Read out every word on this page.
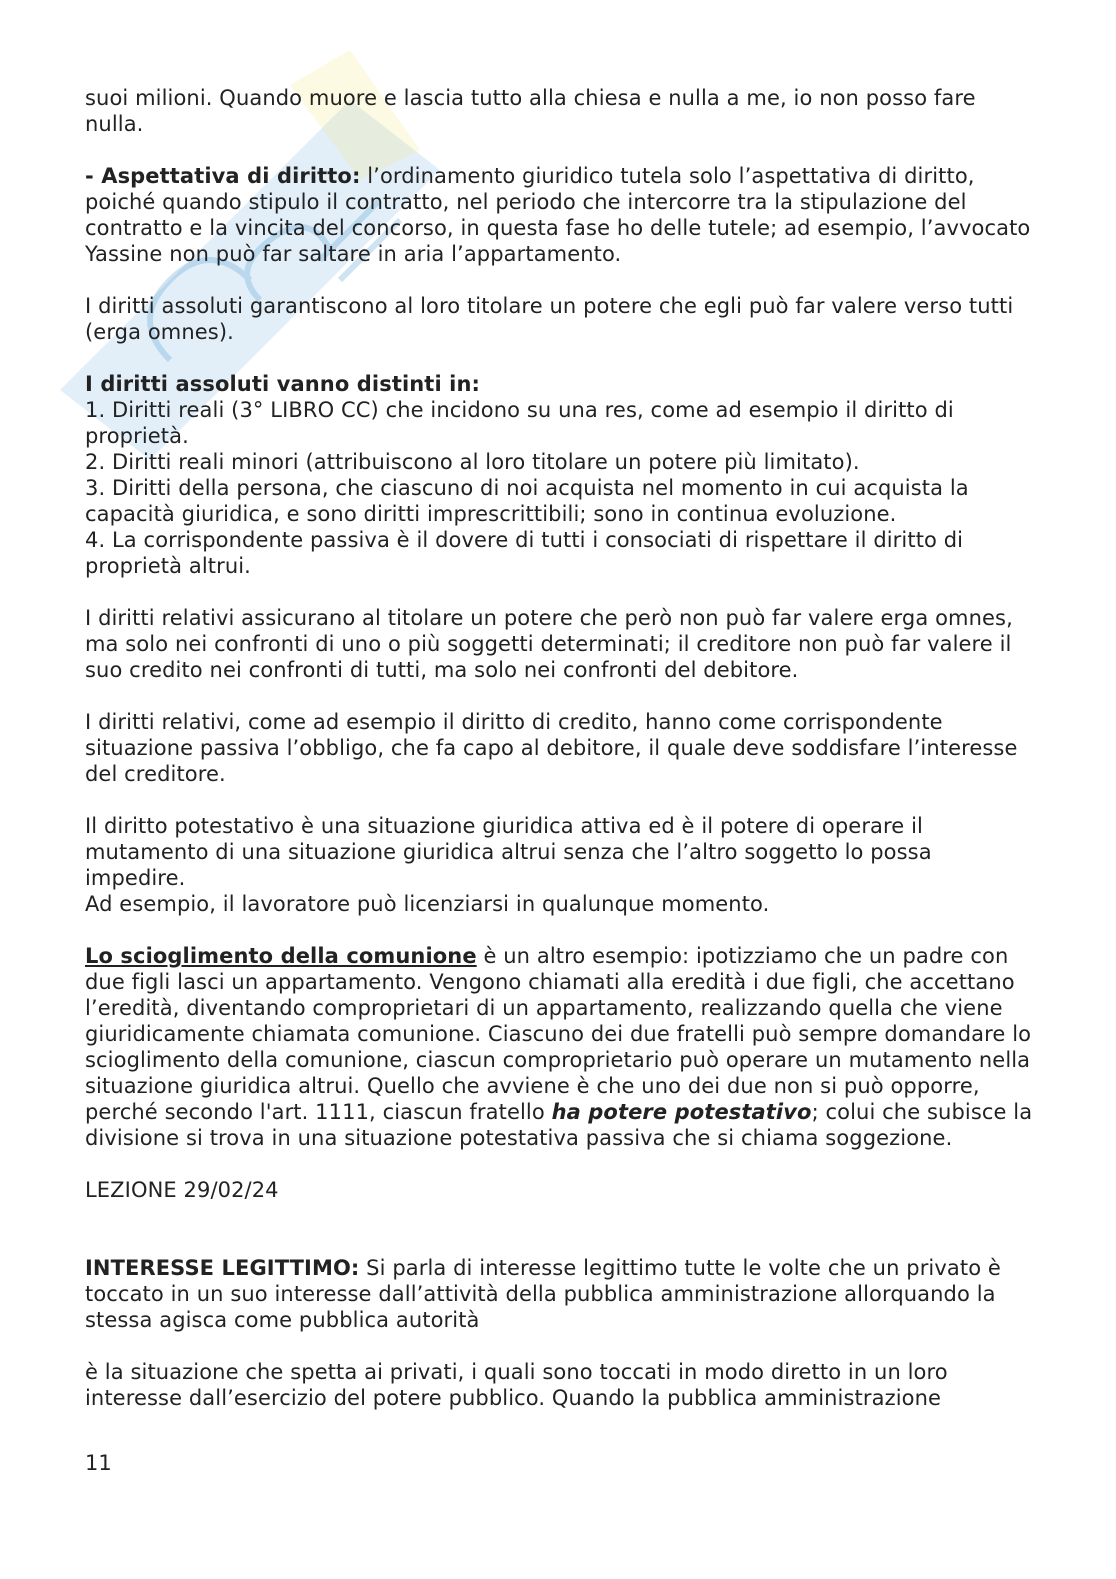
suoi milioni. Quando muore e lascia tutto alla chiesa e nulla a me, io non posso fare nulla.

- Aspettativa di diritto: l’ordinamento giuridico tutela solo l’aspettativa di diritto, poiché quando stipulo il contratto, nel periodo che intercorre tra la stipulazione del contratto e la vincita del concorso, in questa fase ho delle tutele; ad esempio, l’avvocato Yassine non può far saltare in aria l’appartamento.

I diritti assoluti garantiscono al loro titolare un potere che egli può far valere verso tutti (erga omnes).

I diritti assoluti vanno distinti in:

1. Diritti reali (3° LIBRO CC) che incidono su una res, come ad esempio il diritto di proprietà.

2. Diritti reali minori (attribuiscono al loro titolare un potere più limitato).

3. Diritti della persona, che ciascuno di noi acquista nel momento in cui acquista la capacità giuridica, e sono diritti imprescrittibili; sono in continua evoluzione.

4. La corrispondente passiva è il dovere di tutti i consociati di rispettare il diritto di proprietà altrui.

I diritti relativi assicurano al titolare un potere che però non può far valere erga omnes, ma solo nei confronti di uno o più soggetti determinati; il creditore non può far valere il suo credito nei confronti di tutti, ma solo nei confronti del debitore.

I diritti relativi, come ad esempio il diritto di credito, hanno come corrispondente situazione passiva l’obbligo, che fa capo al debitore, il quale deve soddisfare l’interesse del creditore.

Il diritto potestativo è una situazione giuridica attiva ed è il potere di operare il mutamento di una situazione giuridica altrui senza che l’altro soggetto lo possa impedire.

Ad esempio, il lavoratore può licenziarsi in qualunque momento.

Lo scioglimento della comunione è un altro esempio: ipotizziamo che un padre con due figli lasci un appartamento. Vengono chiamati alla eredità i due figli, che accettano l’eredità, diventando comproprietari di un appartamento, realizzando quella che viene giuridicamente chiamata comunione. Ciascuno dei due fratelli può sempre domandare lo scioglimento della comunione, ciascun comproprietario può operare un mutamento nella situazione giuridica altrui. Quello che avviene è che uno dei due non si può opporre, perché secondo l'art. 1111, ciascun fratello ha potere potestativo; colui che subisce la divisione si trova in una situazione potestativa passiva che si chiama soggezione.

LEZIONE 29/02/24

INTERESSE LEGITTIMO: Si parla di interesse legittimo tutte le volte che un privato è toccato in un suo interesse dall’attività della pubblica amministrazione allorquando la stessa agisca come pubblica autorità

è la situazione che spetta ai privati, i quali sono toccati in modo diretto in un loro interesse dall’esercizio del potere pubblico. Quando la pubblica amministrazione

11
